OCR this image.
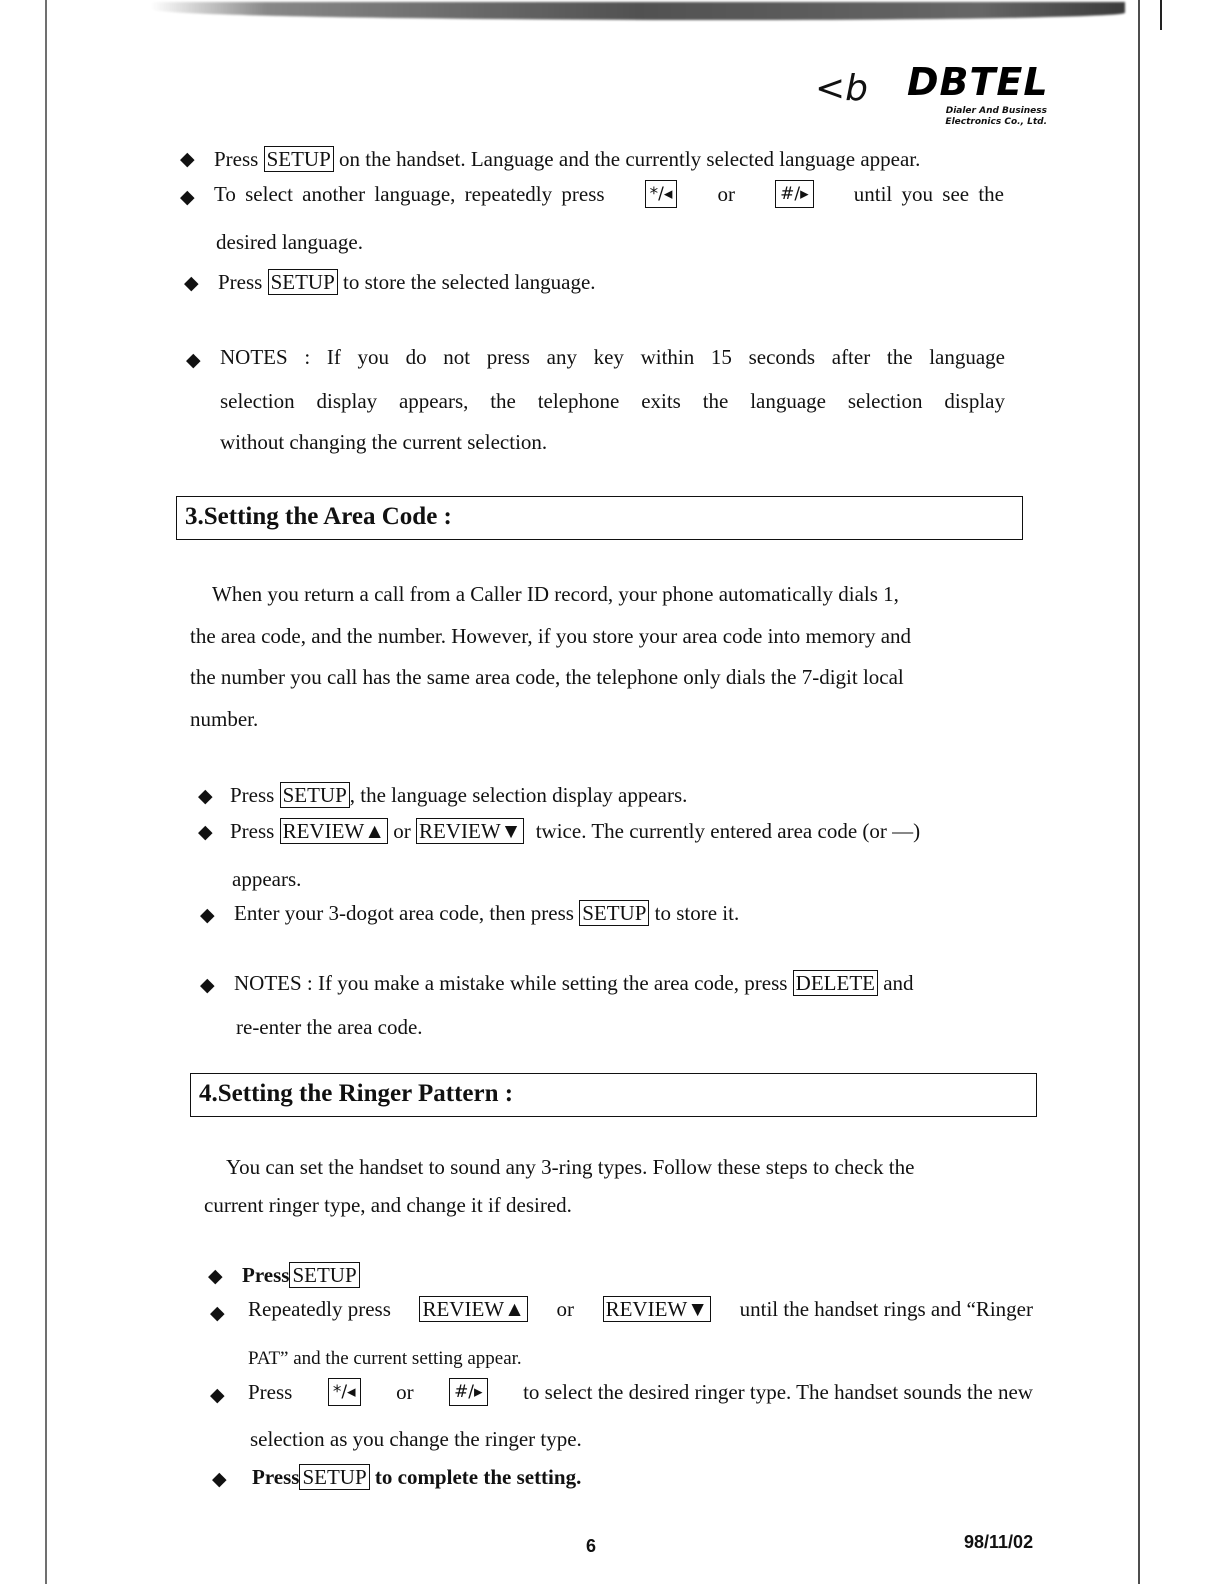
<b DBTEL
Dialer And Business
Electronics Co., Ltd.
◆ Press SETUP on the handset. Language and the currently selected language appear.
◆ To select another language, repeatedly press	*/◂ or	#/▸ until you see the
desired language.
◆ Press SETUP to store the selected language.
◆ NOTES : If you do not press any key within 15 seconds after the language
selection display appears, the telephone exits the language selection display
without changing the current selection.
3.Setting the Area Code :
When you return a call from a Caller ID record, your phone automatically dials 1,
the area code, and the number. However, if you store your area code into memory and
the number you call has the same area code, the telephone only dials the 7-digit local
number.
◆ Press SETUP , the language selection display appears.
◆ Press REVIEW▲ or REVIEW▼ twice. The currently entered area code (or —)
appears.
◆ Enter your 3-dogot area code, then press SETUP to store it.
◆ NOTES : If you make a mistake while setting the area code, press DELETE and
re-enter the area code.
4.Setting the Ringer Pattern :
You can set the handset to sound any 3-ring types. Follow these steps to check the
current ringer type, and change it if desired.
◆ Press SETUP
◆ Repeatedly press REVIEW▲ or REVIEW▼ until the handset rings and “Ringer
PAT” and the current setting appear.
◆ Press */◂ or #/▸ to select the desired ringer type. The handset sounds the new
selection as you change the ringer type.
◆ Press SETUP to complete the setting.
6	98/11/02
